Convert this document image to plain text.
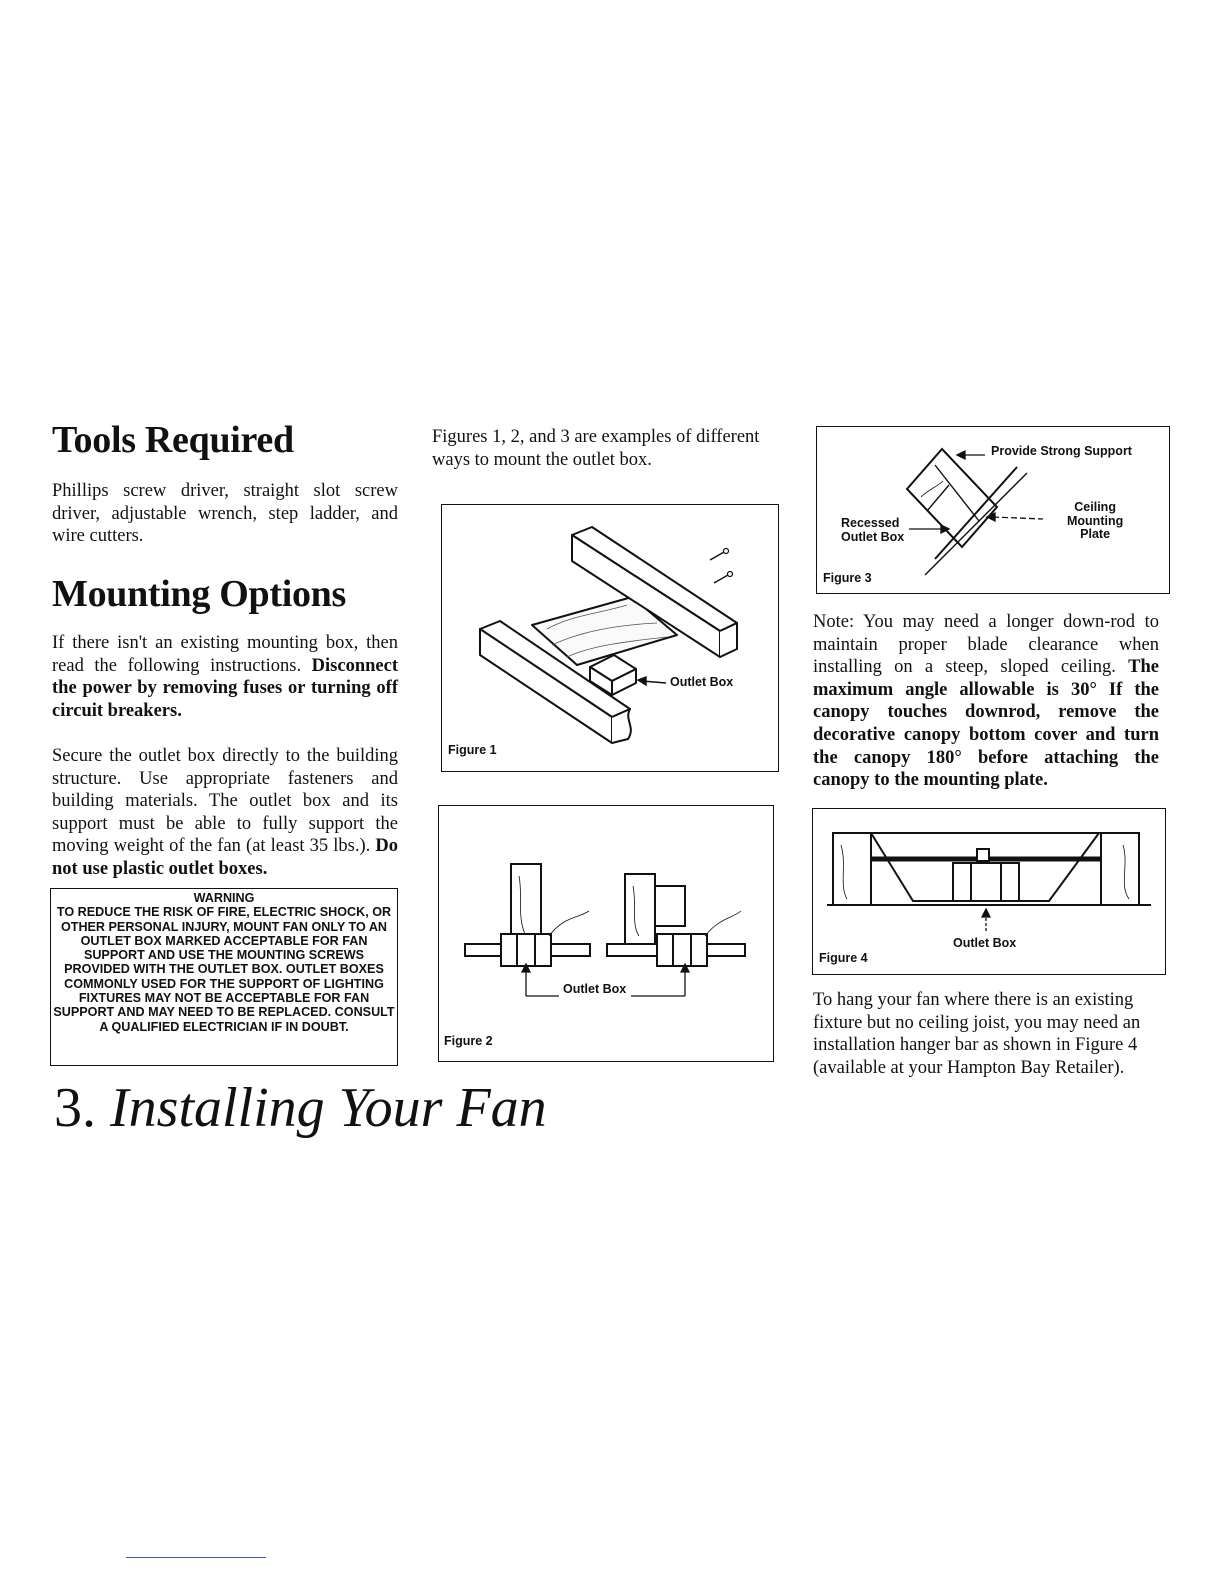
Tools Required
Phillips screw driver, straight slot screw driver, adjustable wrench, step ladder, and wire cutters.
Mounting Options
If there isn't an existing mounting box, then read the following instructions. Disconnect the power by removing fuses or turning off circuit breakers.
Secure the outlet box directly to the building structure. Use appropriate fasteners and building materials. The outlet box and its support must be able to fully support the moving weight of the fan (at least 35 lbs.). Do not use plastic outlet boxes.
WARNING
TO REDUCE THE RISK OF FIRE, ELECTRIC SHOCK, OR OTHER PERSONAL INJURY, MOUNT FAN ONLY TO AN OUTLET BOX MARKED ACCEPTABLE FOR FAN SUPPORT AND USE THE MOUNTING SCREWS PROVIDED WITH THE OUTLET BOX. OUTLET BOXES COMMONLY USED FOR THE SUPPORT OF LIGHTING FIXTURES MAY NOT BE ACCEPTABLE FOR FAN SUPPORT AND MAY NEED TO BE REPLACED. CONSULT A QUALIFIED ELECTRICIAN IF IN DOUBT.
3. Installing Your Fan
Figures 1, 2, and 3 are examples of different ways to mount the outlet box.
Outlet Box
Figure 1
Outlet Box
Figure 2
Provide Strong Support
Recessed
Outlet Box
Ceiling
Mounting
Plate
Figure 3
Note: You may need a longer down-rod to maintain proper blade clearance when installing on a steep, sloped ceiling. The maximum angle allowable is 30° If the canopy touches downrod, remove the decorative canopy bottom cover and turn the canopy 180° before attaching the canopy to the mounting plate.
Outlet Box
Figure 4
To hang your fan where there is an existing fixture but no ceiling joist, you may need an installation hanger bar as shown in Figure 4 (available at your Hampton Bay Retailer).
